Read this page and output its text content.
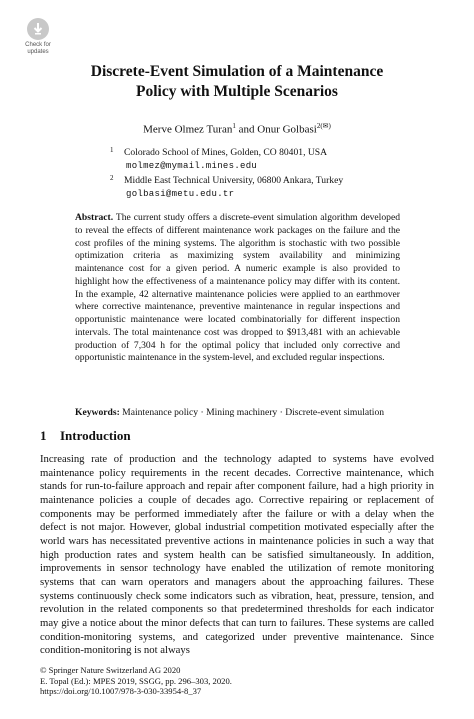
Check for
updates
Discrete-Event Simulation of a Maintenance
Policy with Multiple Scenarios
Merve Olmez Turan$^1$ and Onur Golbasi$^{2(✉)}$
1 Colorado School of Mines, Golden, CO 80401, USA
molmez@mymail.mines.edu
2 Middle East Technical University, 06800 Ankara, Turkey
golbasi@metu.edu.tr
Abstract. The current study offers a discrete-event simulation algorithm developed to reveal the effects of different maintenance work packages on the failure and the cost profiles of the mining systems. The algorithm is stochastic with two possible optimization criteria as maximizing system availability and minimizing maintenance cost for a given period. A numeric example is also provided to highlight how the effectiveness of a maintenance policy may differ with its content. In the example, 42 alternative maintenance policies were applied to an earthmover where corrective maintenance, preventive maintenance in regular inspections and opportunistic maintenance were located combinatorially for different inspection intervals. The total maintenance cost was dropped to $913,481 with an achievable production of 7,304 h for the optimal policy that included only corrective and opportunistic maintenance in the system-level, and excluded regular inspections.
Keywords: Maintenance policy · Mining machinery · Discrete-event simulation
1 Introduction
Increasing rate of production and the technology adapted to systems have evolved maintenance policy requirements in the recent decades. Corrective maintenance, which stands for run-to-failure approach and repair after component failure, had a high priority in maintenance policies a couple of decades ago. Corrective repairing or replacement of components may be performed immediately after the failure or with a delay when the defect is not major. However, global industrial competition motivated especially after the world wars has necessitated preventive actions in maintenance policies in such a way that high production rates and system health can be satisfied simultaneously. In addition, improvements in sensor technology have enabled the utilization of remote monitoring systems that can warn operators and managers about the approaching failures. These systems continuously check some indicators such as vibration, heat, pressure, tension, and revolution in the related components so that predetermined thresholds for each indicator may give a notice about the minor defects that can turn to failures. These systems are called condition-monitoring systems, and categorized under preventive maintenance. Since condition-monitoring is not always
© Springer Nature Switzerland AG 2020
E. Topal (Ed.): MPES 2019, SSGG, pp. 296–303, 2020.
https://doi.org/10.1007/978-3-030-33954-8_37
